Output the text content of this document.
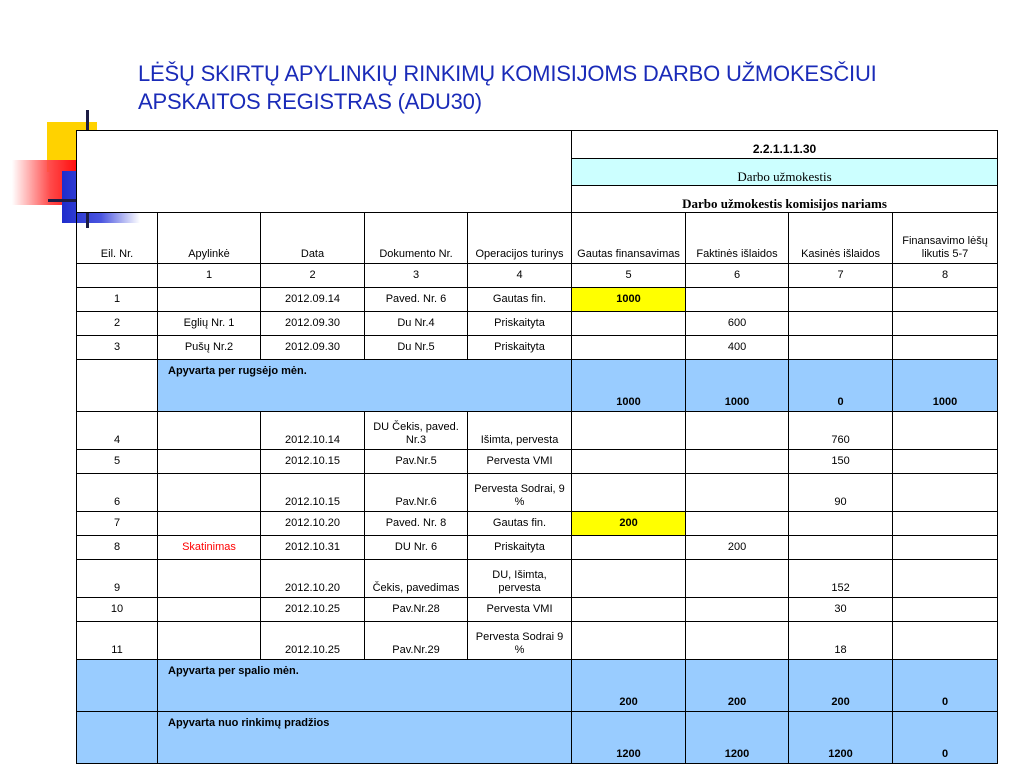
LĖŠŲ SKIRTŲ APYLINKIŲ RINKIMŲ KOMISIJOMS DARBO UŽMOKESČIUI APSKAITOS REGISTRAS (ADU30)
					2.2.1.1.1.30			
					Darbo užmokestis			
					Darbo užmokestis komisijos nariams			
Eil. Nr.	Apylinkė	Data	Dokumento Nr.	Operacijos turinys	Gautas finansavimas	Faktinės išlaidos	Kasinės išlaidos	Finansavimo lėšų likutis 5-7
	1	2	3	4	5	6	7	8
1		2012.09.14	Paved. Nr. 6	Gautas fin.	1000			
2	Eglių Nr. 1	2012.09.30	Du Nr.4	Priskaityta		600		
3	Pušų Nr.2	2012.09.30	Du Nr.5	Priskaityta		400		
	Apyvarta per rugsėjo mėn.				1000	1000	0	1000
4		2012.10.14	DU Čekis, paved. Nr.3	Išimta, pervesta			760	
5		2012.10.15	Pav.Nr.5	Pervesta VMI			150	
6		2012.10.15	Pav.Nr.6	Pervesta Sodrai, 9 %			90	
7		2012.10.20	Paved. Nr. 8	Gautas fin.	200			
8	Skatinimas	2012.10.31	DU Nr. 6	Priskaityta		200		
9		2012.10.20	Čekis, pavedimas	DU, Išimta, pervesta			152	
10		2012.10.25	Pav.Nr.28	Pervesta VMI			30	
11		2012.10.25	Pav.Nr.29	Pervesta Sodrai 9 %			18	
	Apyvarta per spalio mėn.				200	200	200	0
	Apyvarta nuo rinkimų pradžios				1200	1200	1200	0
